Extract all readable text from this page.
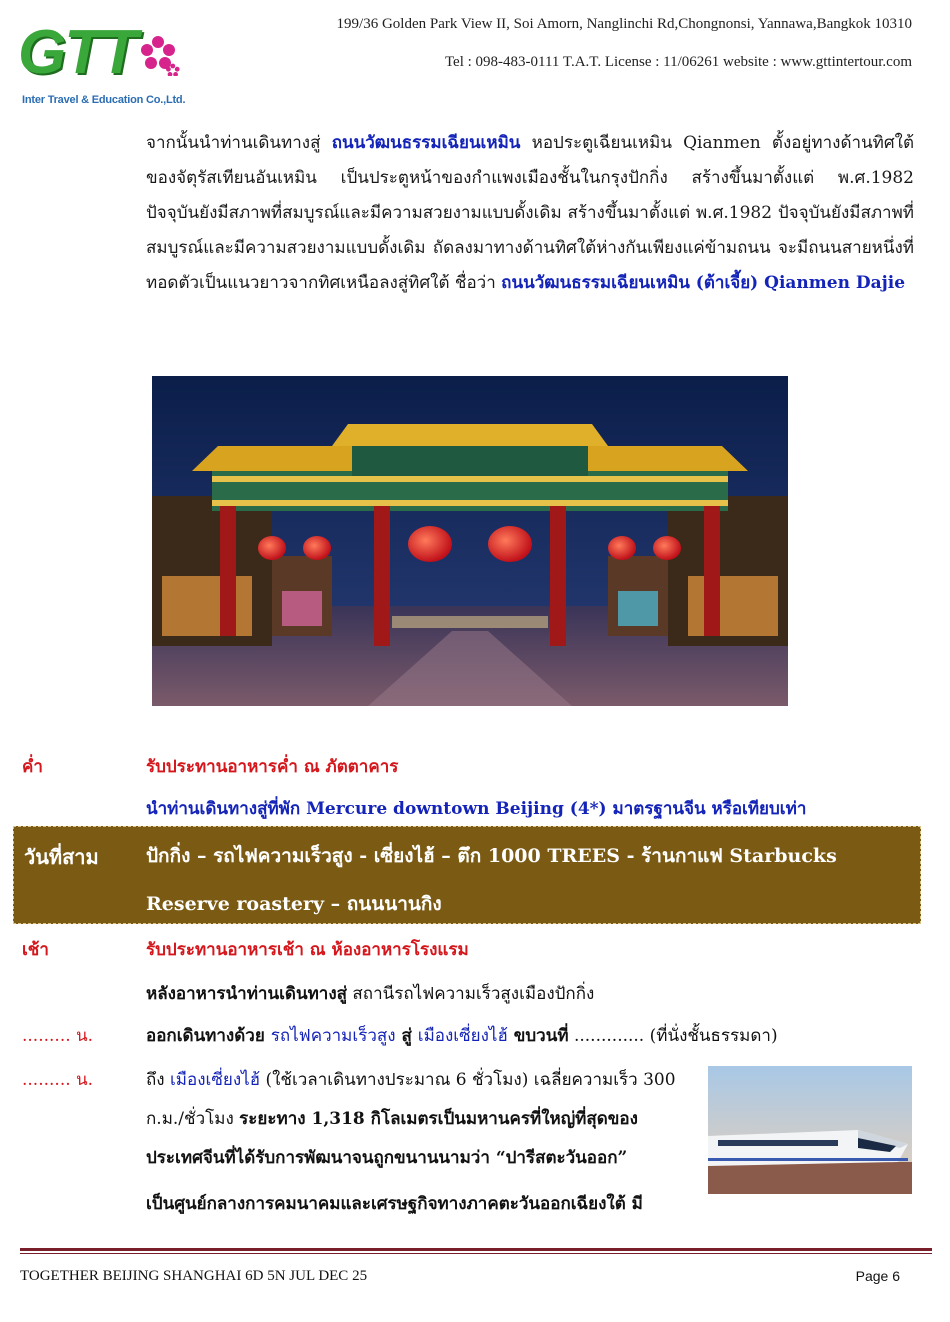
GTT
Inter Travel & Education Co.,Ltd.
199/36 Golden Park View II, Soi Amorn, Nanglinchi Rd,Chongnonsi, Yannawa,Bangkok 10310
Tel : 098-483-0111 T.A.T. License : 11/06261 website : www.gttintertour.com
จากนั้นนำท่านเดินทางสู่ ถนนวัฒนธรรมเฉียนเหมิน หอประตูเฉียนเหมิน Qianmen ตั้งอยู่ทางด้านทิศใต้ของจัตุรัสเทียนอันเหมิน เป็นประตูหน้าของกำแพงเมืองชั้นในกรุงปักกิ่ง สร้างขึ้นมาตั้งแต่ พ.ศ.1982 ปัจจุบันยังมีสภาพที่สมบูรณ์และมีความสวยงามแบบดั้งเดิม สร้างขึ้นมาตั้งแต่ พ.ศ.1982 ปัจจุบันยังมีสภาพที่สมบูรณ์และมีความสวยงามแบบดั้งเดิม ถัดลงมาทางด้านทิศใต้ห่างกันเพียงแค่ข้ามถนน จะมีถนนสายหนึ่งที่ทอดตัวเป็นแนวยาวจากทิศเหนือลงสู่ทิศใต้ ชื่อว่า ถนนวัฒนธรรมเฉียนเหมิน (ต้าเจี้ย) Qianmen Dajie
ค่ำ	รับประทานอาหารค่ำ ณ ภัตตาคาร
นำท่านเดินทางสู่ที่พัก Mercure downtown Beijing (4*) มาตรฐานจีน หรือเทียบเท่า
วันที่สาม ปักกิ่ง – รถไฟความเร็วสูง - เซี่ยงไฮ้ – ตึก 1000 TREES - ร้านกาแฟ Starbucks
Reserve roastery – ถนนนานกิง
เช้า	รับประทานอาหารเช้า ณ ห้องอาหารโรงแรม
หลังอาหารนำท่านเดินทางสู่ สถานีรถไฟความเร็วสูงเมืองปักกิ่ง
......... น.	ออกเดินทางด้วย รถไฟความเร็วสูง สู่ เมืองเซี่ยงไฮ้ ขบวนที่ ............. (ที่นั่งชั้นธรรมดา)
......... น.	ถึง เมืองเซี่ยงไฮ้ (ใช้เวลาเดินทางประมาณ 6 ชั่วโมง) เฉลี่ยความเร็ว 300
ก.ม./ชั่วโมง ระยะทาง 1,318 กิโลเมตรเป็นมหานครที่ใหญ่ที่สุดของ
ประเทศจีนที่ได้รับการพัฒนาจนถูกขนานนามว่า “ปารีสตะวันออก”
เป็นศูนย์กลางการคมนาคมและเศรษฐกิจทางภาคตะวันออกเฉียงใต้ มี
TOGETHER BEIJING SHANGHAI 6D 5N JUL DEC 25	Page 6
